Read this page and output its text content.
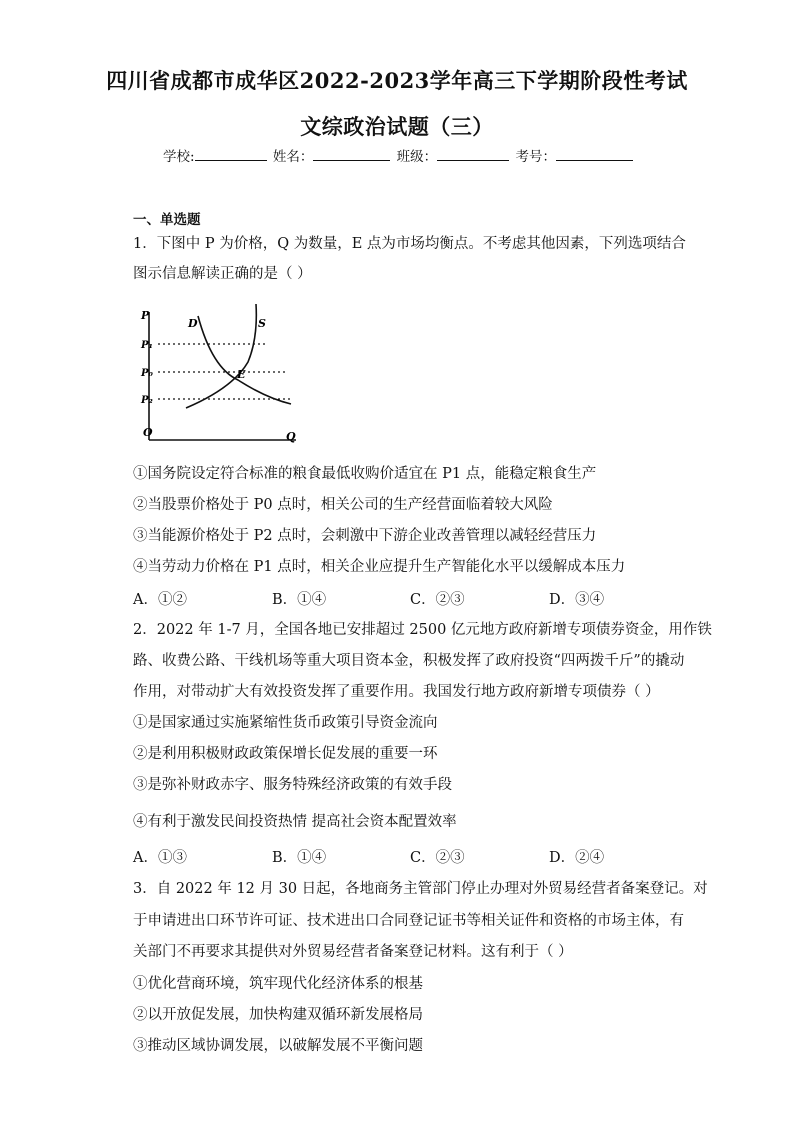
四川省成都市成华区2022-2023学年高三下学期阶段性考试
文综政治试题（三）
学校:	姓名：	班级：	考号：
一、单选题
1．下图中 P 为价格，Q 为数量，E 点为市场均衡点。不考虑其他因素，下列选项结合
图示信息解读正确的是（ ）
P
Q
O
D	S
P₁
P₀
P₂
E
①国务院设定符合标准的粮食最低收购价适宜在 P1 点，能稳定粮食生产
②当股票价格处于 P0 点时，相关公司的生产经营面临着较大风险
③当能源价格处于 P2 点时，会刺激中下游企业改善管理以减轻经营压力
④当劳动力价格在 P1 点时，相关企业应提升生产智能化水平以缓解成本压力
A．①②	B．①④	C．②③	D．③④
2．2022 年 1-7 月，全国各地已安排超过 2500 亿元地方政府新增专项债券资金，用作铁
路、收费公路、干线机场等重大项目资本金，积极发挥了政府投资“四两拨千斤”的撬动
作用，对带动扩大有效投资发挥了重要作用。我国发行地方政府新增专项债券（ ）
①是国家通过实施紧缩性货币政策引导资金流向
②是利用积极财政政策保增长促发展的重要一环
③是弥补财政赤字、服务特殊经济政策的有效手段
④有利于激发民间投资热情 提高社会资本配置效率
A．①③	B．①④	C．②③	D．②④
3．自 2022 年 12 月 30 日起，各地商务主管部门停止办理对外贸易经营者备案登记。对
于申请进出口环节许可证、技术进出口合同登记证书等相关证件和资格的市场主体，有
关部门不再要求其提供对外贸易经营者备案登记材料。这有利于（ ）
①优化营商环境，筑牢现代化经济体系的根基
②以开放促发展，加快构建双循环新发展格局
③推动区域协调发展，以破解发展不平衡问题
